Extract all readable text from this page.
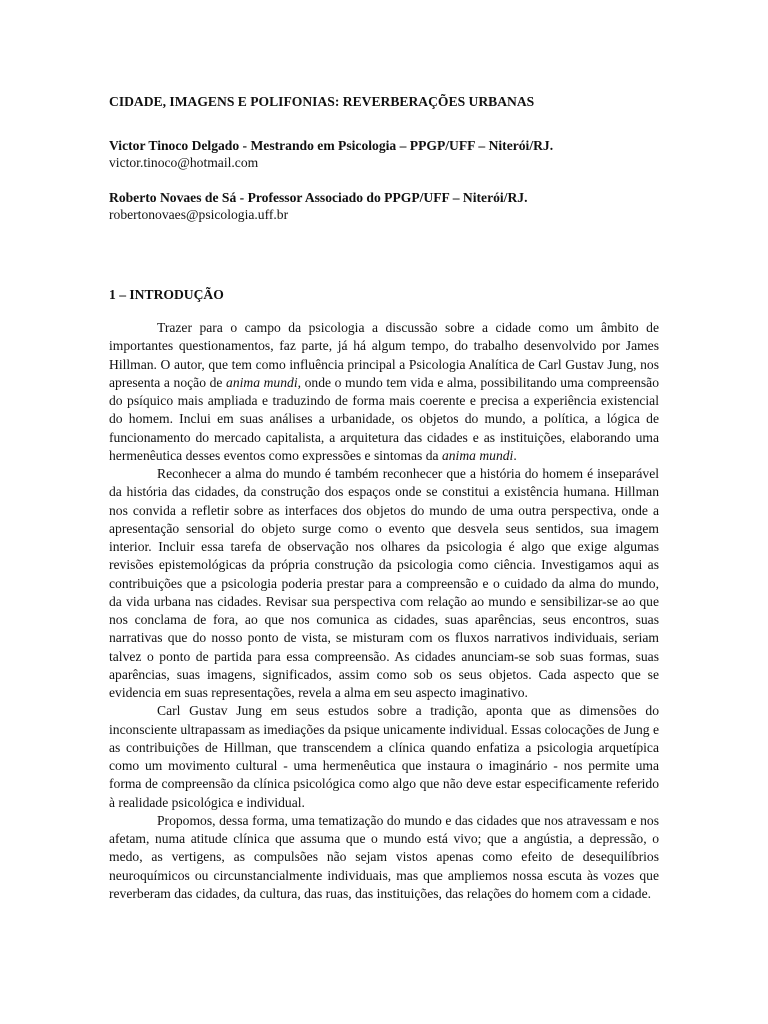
CIDADE, IMAGENS E POLIFONIAS: REVERBERAÇÕES URBANAS
Victor Tinoco Delgado - Mestrando em Psicologia – PPGP/UFF – Niterói/RJ.
victor.tinoco@hotmail.com
Roberto Novaes de Sá - Professor Associado do PPGP/UFF – Niterói/RJ.
robertonovaes@psicologia.uff.br
1 – INTRODUÇÃO

Trazer para o campo da psicologia a discussão sobre a cidade como um âmbito de importantes questionamentos, faz parte, já há algum tempo, do trabalho desenvolvido por James Hillman. O autor, que tem como influência principal a Psicologia Analítica de Carl Gustav Jung, nos apresenta a noção de anima mundi, onde o mundo tem vida e alma, possibilitando uma compreensão do psíquico mais ampliada e traduzindo de forma mais coerente e precisa a experiência existencial do homem. Inclui em suas análises a urbanidade, os objetos do mundo, a política, a lógica de funcionamento do mercado capitalista, a arquitetura das cidades e as instituições, elaborando uma hermenêutica desses eventos como expressões e sintomas da anima mundi.

Reconhecer a alma do mundo é também reconhecer que a história do homem é inseparável da história das cidades, da construção dos espaços onde se constitui a existência humana. Hillman nos convida a refletir sobre as interfaces dos objetos do mundo de uma outra perspectiva, onde a apresentação sensorial do objeto surge como o evento que desvela seus sentidos, sua imagem interior. Incluir essa tarefa de observação nos olhares da psicologia é algo que exige algumas revisões epistemológicas da própria construção da psicologia como ciência. Investigamos aqui as contribuições que a psicologia poderia prestar para a compreensão e o cuidado da alma do mundo, da vida urbana nas cidades. Revisar sua perspectiva com relação ao mundo e sensibilizar-se ao que nos conclama de fora, ao que nos comunica as cidades, suas aparências, seus encontros, suas narrativas que do nosso ponto de vista, se misturam com os fluxos narrativos individuais, seriam talvez o ponto de partida para essa compreensão. As cidades anunciam-se sob suas formas, suas aparências, suas imagens, significados, assim como sob os seus objetos. Cada aspecto que se evidencia em suas representações, revela a alma em seu aspecto imaginativo.

Carl Gustav Jung em seus estudos sobre a tradição, aponta que as dimensões do inconsciente ultrapassam as imediações da psique unicamente individual. Essas colocações de Jung e as contribuições de Hillman, que transcendem a clínica quando enfatiza a psicologia arquetípica como um movimento cultural - uma hermenêutica que instaura o imaginário - nos permite uma forma de compreensão da clínica psicológica como algo que não deve estar especificamente referido à realidade psicológica e individual.

Propomos, dessa forma, uma tematização do mundo e das cidades que nos atravessam e nos afetam, numa atitude clínica que assuma que o mundo está vivo; que a angústia, a depressão, o medo, as vertigens, as compulsões não sejam vistos apenas como efeito de desequilíbrios neuroquímicos ou circunstancialmente individuais, mas que ampliemos nossa escuta às vozes que reverberam das cidades, da cultura, das ruas, das instituições, das relações do homem com a cidade.
